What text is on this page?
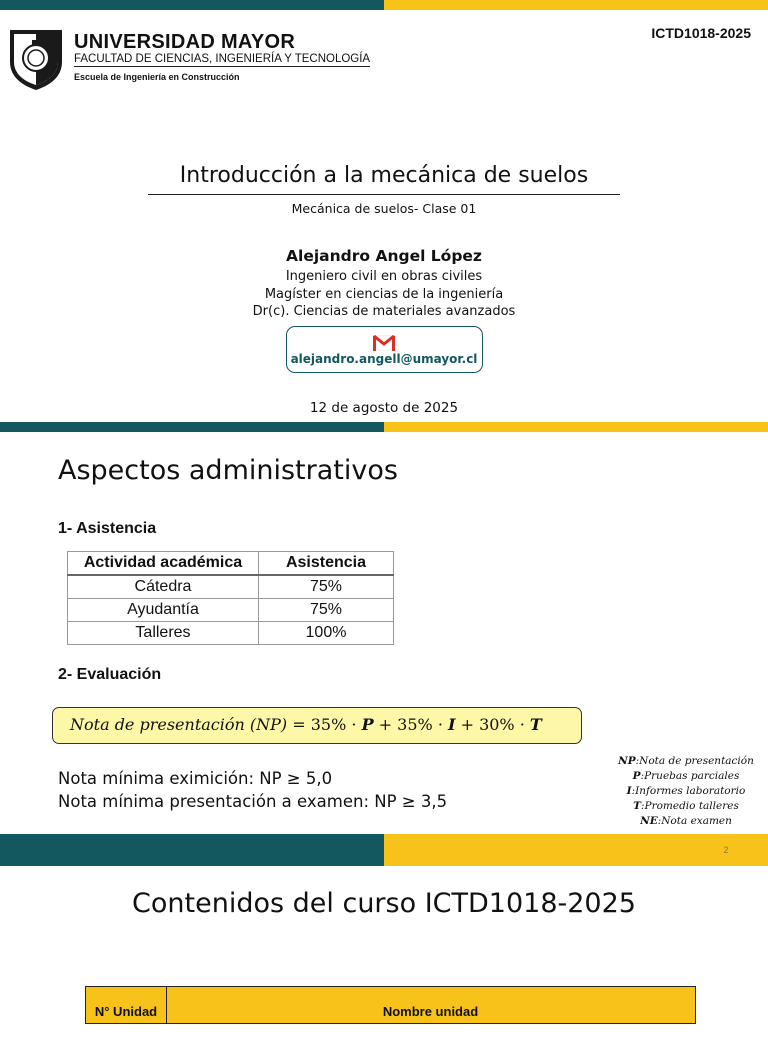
UNIVERSIDAD MAYOR
FACULTAD DE CIENCIAS, INGENIERÍA Y TECNOLOGÍA
Escuela de Ingeniería en Construcción
ICTD1018-2025
Introducción a la mecánica de suelos
Mecánica de suelos- Clase 01
Alejandro Angel López
Ingeniero civil en obras civiles
Magíster en ciencias de la ingeniería
Dr(c). Ciencias de materiales avanzados
alejandro.angell@umayor.cl
12 de agosto de 2025
Aspectos administrativos
1- Asistencia
Actividad académica	Asistencia
Cátedra	75%
Ayudantía	75%
Talleres	100%
2- Evaluación
Nota de presentación (NP) = 35% · P + 35% · I + 30% · T
Nota mínima eximición: NP ≥ 5,0
Nota mínima presentación a examen: NP ≥ 3,5
NP:Nota de presentación
P:Pruebas parciales
I:Informes laboratorio
T:Promedio talleres
NE:Nota examen
2
Contenidos del curso ICTD1018-2025
N° Unidad	Nombre unidad
